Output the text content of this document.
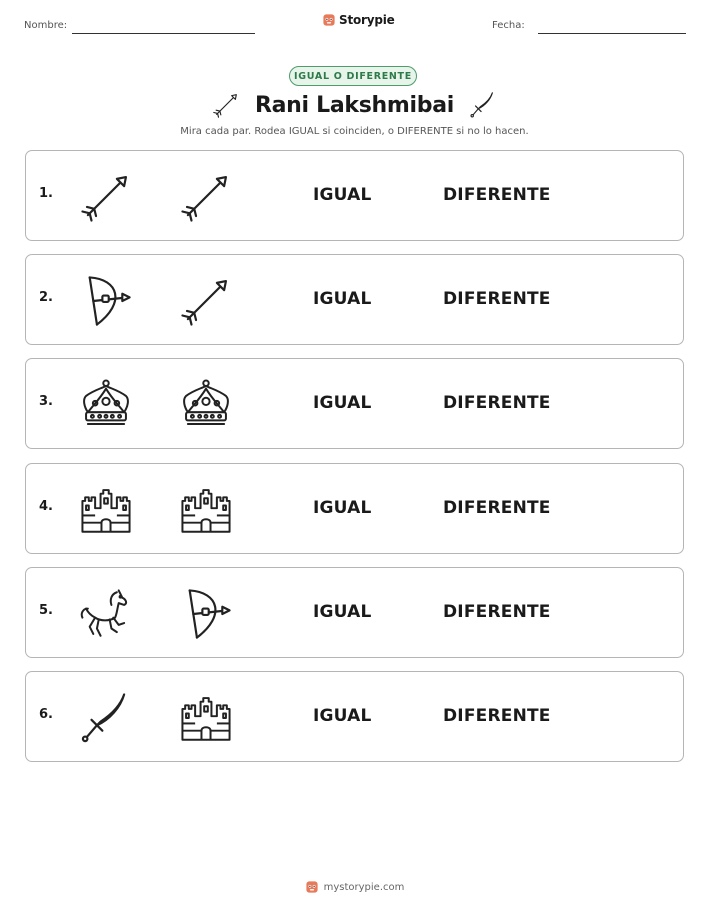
Nombre:	Storypie	Fecha:
IGUAL O DIFERENTE
Rani Lakshmibai
Mira cada par. Rodea IGUAL si coinciden, o DIFERENTE si no lo hacen.
1.	IGUAL	DIFERENTE
2.	IGUAL	DIFERENTE
3.	IGUAL	DIFERENTE
4.	IGUAL	DIFERENTE
5.	IGUAL	DIFERENTE
6.	IGUAL	DIFERENTE
mystorypie.com
